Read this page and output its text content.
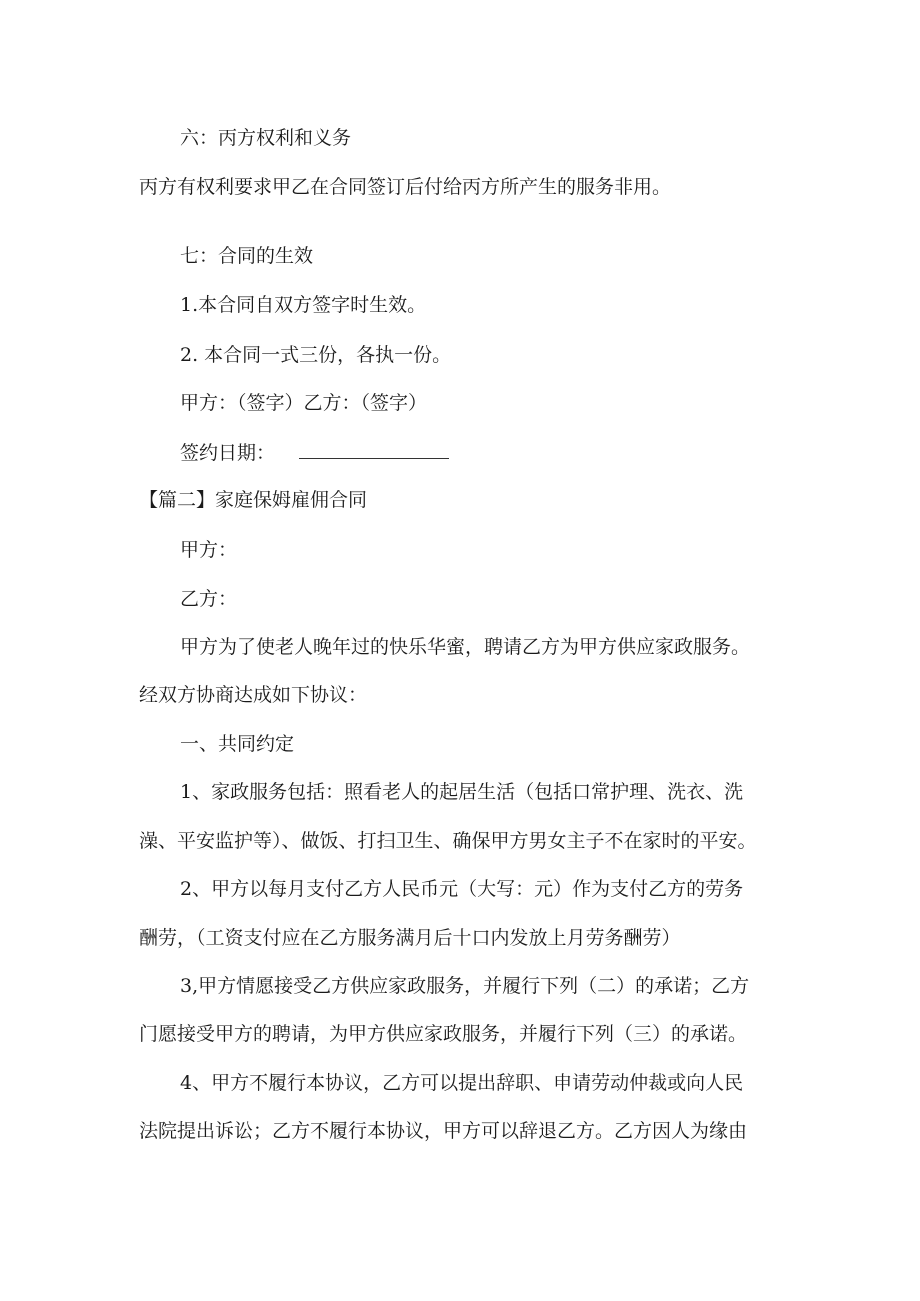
六：丙方权利和义务
丙方有权利要求甲乙在合同签订后付给丙方所产生的服务非用。
七：合同的生效
1.本合同自双方签字时生效。
2. 本合同一式三份，各执一份。
甲方：（签字）乙方：（签字）
签约日期：
【篇二】家庭保姆雇佣合同
甲方：
乙方：
甲方为了使老人晚年过的快乐华蜜，聘请乙方为甲方供应家政服务。
经双方协商达成如下协议：
一、共同约定
1、家政服务包括：照看老人的起居生活（包括口常护理、洗衣、洗
澡、平安监护等）、做饭、打扫卫生、确保甲方男女主子不在家时的平安。
2、甲方以每月支付乙方人民币元（大写：元）作为支付乙方的劳务
酬劳，（工资支付应在乙方服务满月后十口内发放上月劳务酬劳）
3,甲方情愿接受乙方供应家政服务，并履行下列（二）的承诺；乙方
门愿接受甲方的聘请，为甲方供应家政服务，并履行下列（三）的承诺。
4、甲方不履行本协议，乙方可以提出辞职、申请劳动仲裁或向人民
法院提出诉讼；乙方不履行本协议，甲方可以辞退乙方。乙方因人为缘由
